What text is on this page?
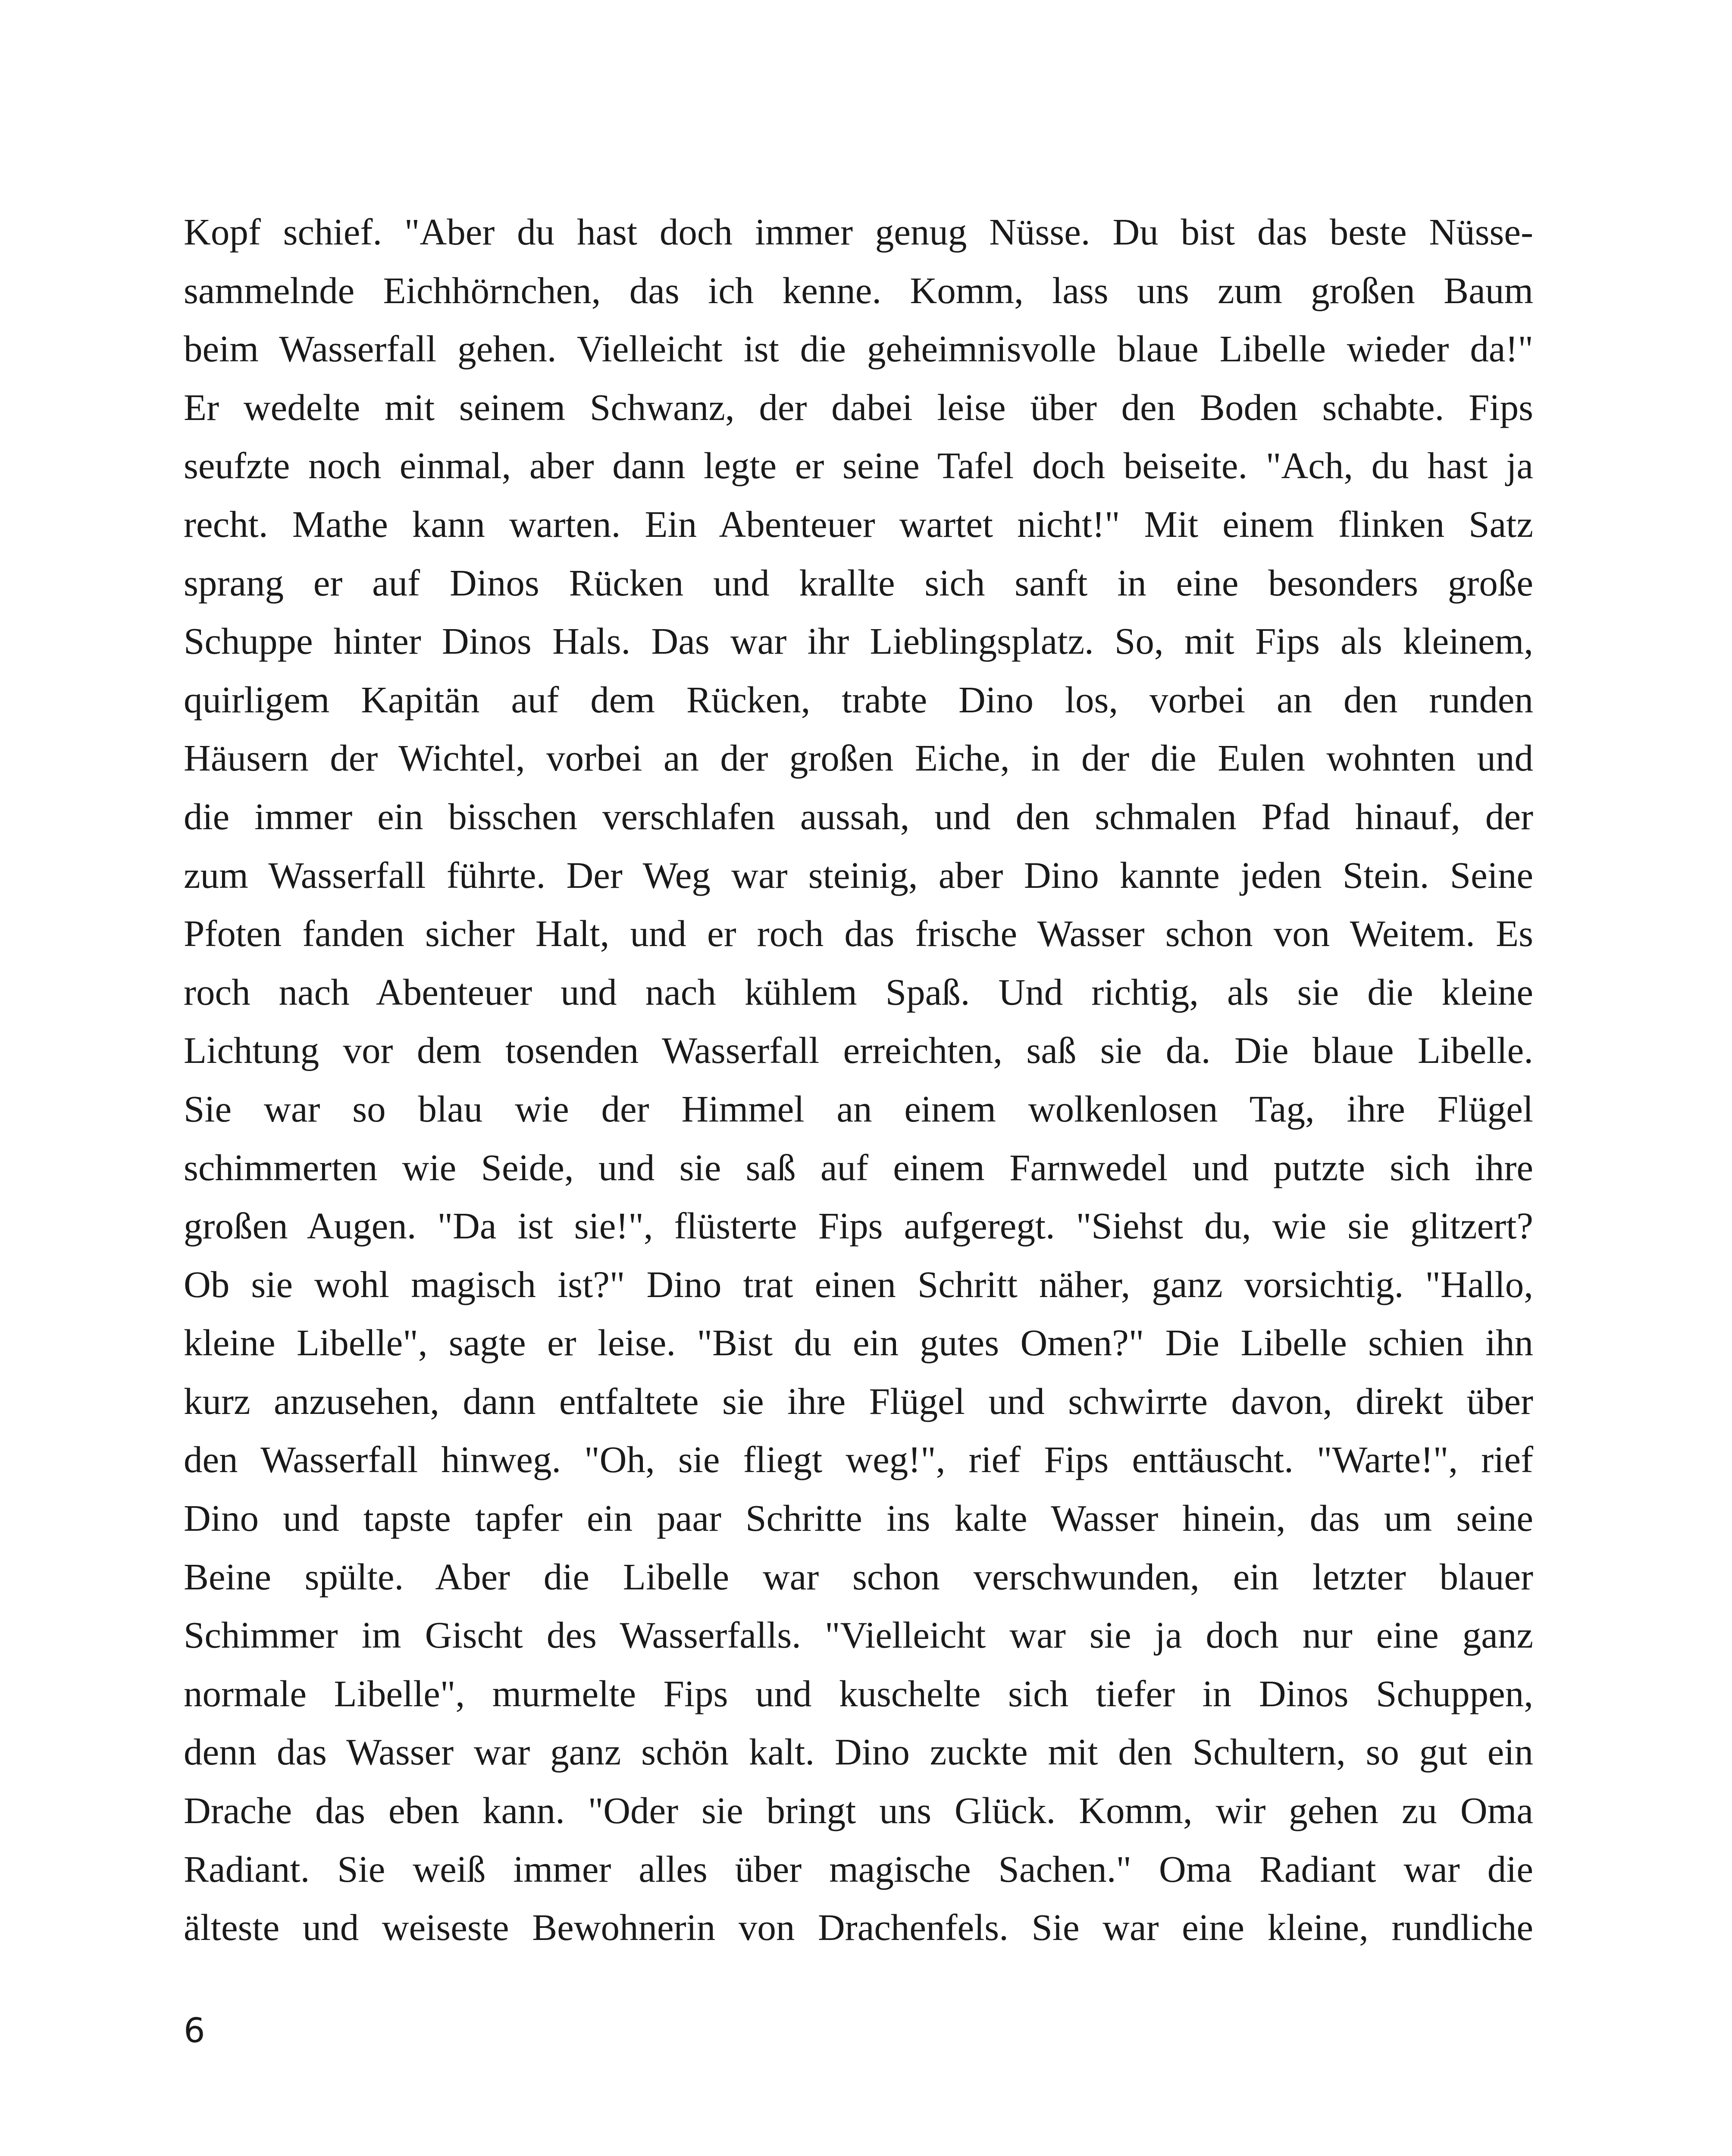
Kopf schief. "Aber du hast doch immer genug Nüsse. Du bist das beste Nüsse-
sammelnde Eichhörnchen, das ich kenne. Komm, lass uns zum großen Baum
beim Wasserfall gehen. Vielleicht ist die geheimnisvolle blaue Libelle wieder da!"
Er wedelte mit seinem Schwanz, der dabei leise über den Boden schabte. Fips
seufzte noch einmal, aber dann legte er seine Tafel doch beiseite. "Ach, du hast ja
recht. Mathe kann warten. Ein Abenteuer wartet nicht!" Mit einem flinken Satz
sprang er auf Dinos Rücken und krallte sich sanft in eine besonders große
Schuppe hinter Dinos Hals. Das war ihr Lieblingsplatz. So, mit Fips als kleinem,
quirligem Kapitän auf dem Rücken, trabte Dino los, vorbei an den runden
Häusern der Wichtel, vorbei an der großen Eiche, in der die Eulen wohnten und
die immer ein bisschen verschlafen aussah, und den schmalen Pfad hinauf, der
zum Wasserfall führte. Der Weg war steinig, aber Dino kannte jeden Stein. Seine
Pfoten fanden sicher Halt, und er roch das frische Wasser schon von Weitem. Es
roch nach Abenteuer und nach kühlem Spaß. Und richtig, als sie die kleine
Lichtung vor dem tosenden Wasserfall erreichten, saß sie da. Die blaue Libelle.
Sie war so blau wie der Himmel an einem wolkenlosen Tag, ihre Flügel
schimmerten wie Seide, und sie saß auf einem Farnwedel und putzte sich ihre
großen Augen. "Da ist sie!", flüsterte Fips aufgeregt. "Siehst du, wie sie glitzert?
Ob sie wohl magisch ist?" Dino trat einen Schritt näher, ganz vorsichtig. "Hallo,
kleine Libelle", sagte er leise. "Bist du ein gutes Omen?" Die Libelle schien ihn
kurz anzusehen, dann entfaltete sie ihre Flügel und schwirrte davon, direkt über
den Wasserfall hinweg. "Oh, sie fliegt weg!", rief Fips enttäuscht. "Warte!", rief
Dino und tapste tapfer ein paar Schritte ins kalte Wasser hinein, das um seine
Beine spülte. Aber die Libelle war schon verschwunden, ein letzter blauer
Schimmer im Gischt des Wasserfalls. "Vielleicht war sie ja doch nur eine ganz
normale Libelle", murmelte Fips und kuschelte sich tiefer in Dinos Schuppen,
denn das Wasser war ganz schön kalt. Dino zuckte mit den Schultern, so gut ein
Drache das eben kann. "Oder sie bringt uns Glück. Komm, wir gehen zu Oma
Radiant. Sie weiß immer alles über magische Sachen." Oma Radiant war die
älteste und weiseste Bewohnerin von Drachenfels. Sie war eine kleine, rundliche
6
